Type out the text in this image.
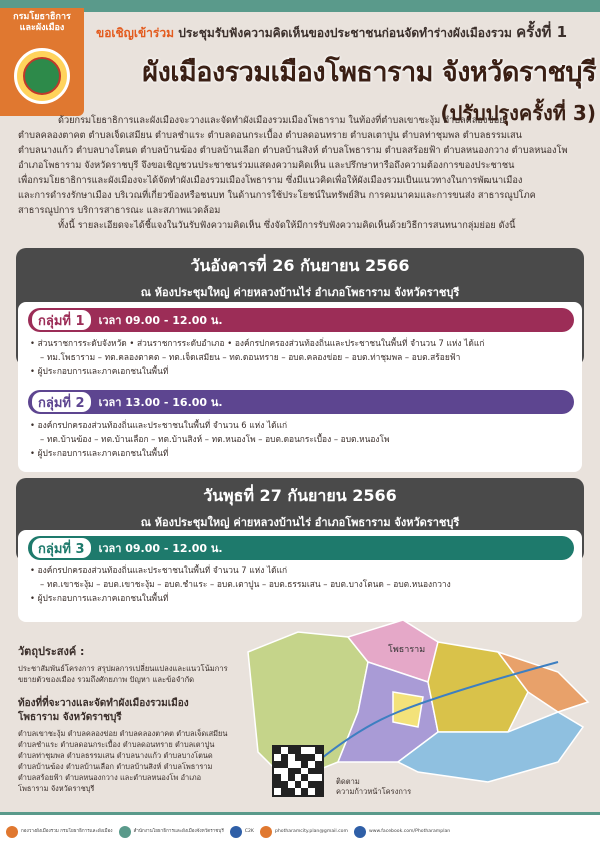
กรมโยธาธิการ
และผังเมือง	ขอเชิญเข้าร่วม ประชุมรับฟังความคิดเห็นของประชาชนก่อนจัดทำร่างผังเมืองรวม ครั้งที่ 1
ผังเมืองรวมเมืองโพธาราม จังหวัดราชบุรี
(ปรับปรุงครั้งที่ 3)

ด้วยกรมโยธาธิการและผังเมืองจะวางและจัดทำผังเมืองรวมเมืองโพธาราม ในท้องที่ตำบลเขาชะงุ้ม ตำบลคลองข่อย

ตำบลคลองตาคต ตำบลเจ็ดเสมียน ตำบลชำแระ ตำบลดอนกระเบื้อง ตำบลดอนทราย ตำบลเตาปูน ตำบลท่าชุมพล ตำบลธรรมเสน

ตำบลนางแก้ว ตำบลบางโตนด ตำบลบ้านฆ้อง ตำบลบ้านเลือก ตำบลบ้านสิงห์ ตำบลโพธาราม ตำบลสร้อยฟ้า ตำบลหนองกวาง ตำบลหนองโพ

อำเภอโพธาราม จังหวัดราชบุรี จึงขอเชิญชวนประชาชนร่วมแสดงความคิดเห็น และปรึกษาหารือถึงความต้องการของประชาชน

เพื่อกรมโยธาธิการและผังเมืองจะได้จัดทำผังเมืองรวมเมืองโพธาราม ซึ่งมีแนวคิดเพื่อให้ผังเมืองรวมเป็นแนวทางในการพัฒนาเมือง

และการดำรงรักษาเมือง บริเวณที่เกี่ยวข้องหรือชนบท ในด้านการใช้ประโยชน์ในทรัพย์สิน การคมนาคมและการขนส่ง สาธารณูปโภค

สาธารณูปการ บริการสาธารณะ และสภาพแวดล้อม

ทั้งนี้ รายละเอียดจะได้ชี้แจงในวันรับฟังความคิดเห็น ซึ่งจัดให้มีการรับฟังความคิดเห็นด้วยวิธีการสนทนากลุ่มย่อย ดังนี้

วันอังคารที่ 26 กันยายน 2566
ณ ห้องประชุมใหญ่ ค่ายหลวงบ้านไร่ อำเภอโพธาราม จังหวัดราชบุรี
กลุ่มที่ 1	เวลา 09.00 - 12.00 น.
• ส่วนราชการระดับจังหวัด • ส่วนราชการระดับอำเภอ • องค์กรปกครองส่วนท้องถิ่นและประชาชนในพื้นที่ จำนวน 7 แห่ง ได้แก่
– ทม.โพธาราม – ทต.คลองตาคต – ทต.เจ็ดเสมียน – ทต.ดอนทราย – อบต.คลองข่อย – อบต.ท่าชุมพล – อบต.สร้อยฟ้า
• ผู้ประกอบการและภาคเอกชนในพื้นที่
กลุ่มที่ 2	เวลา 13.00 - 16.00 น.
• องค์กรปกครองส่วนท้องถิ่นและประชาชนในพื้นที่ จำนวน 6 แห่ง ได้แก่
– ทต.บ้านฆ้อง – ทต.บ้านเลือก – ทต.บ้านสิงห์ – ทต.หนองโพ – อบต.ดอนกระเบื้อง – อบต.หนองโพ
• ผู้ประกอบการและภาคเอกชนในพื้นที่
วันพุธที่ 27 กันยายน 2566
ณ ห้องประชุมใหญ่ ค่ายหลวงบ้านไร่ อำเภอโพธาราม จังหวัดราชบุรี
กลุ่มที่ 3	เวลา 09.00 - 12.00 น.
• องค์กรปกครองส่วนท้องถิ่นและประชาชนในพื้นที่ จำนวน 7 แห่ง ได้แก่
– ทต.เขาชะงุ้ม – อบต.เขาชะงุ้ม – อบต.ชำแระ – อบต.เตาปูน – อบต.ธรรมเสน – อบต.บางโตนด – อบต.หนองกวาง
• ผู้ประกอบการและภาคเอกชนในพื้นที่
โพธาราม
วัตถุประสงค์ :
ประชาสัมพันธ์โครงการ สรุปผลการเปลี่ยนแปลงและแนวโน้มการขยายตัวของเมือง รวมถึงศักยภาพ ปัญหา และข้อจำกัด
ท้องที่ที่จะวางและจัดทำผังเมืองรวมเมืองโพธาราม จังหวัดราชบุรี
ตำบลเขาชะงุ้ม ตำบลคลองข่อย ตำบลคลองตาคต ตำบลเจ็ดเสมียน ตำบลชำแระ ตำบลดอนกระเบื้อง ตำบลดอนทราย ตำบลเตาปูน ตำบลท่าชุมพล ตำบลธรรมเสน ตำบลนางแก้ว ตำบลบางโตนด ตำบลบ้านฆ้อง ตำบลบ้านเลือก ตำบลบ้านสิงห์ ตำบลโพธาราม ตำบลสร้อยฟ้า ตำบลหนองกวาง และตำบลหนองโพ อำเภอโพธาราม จังหวัดราชบุรี
ติดตาม
ความก้าวหน้าโครงการ
กองวางผังเมืองรวม กรมโยธาธิการและผังเมือง	สำนักงานโยธาธิการและผังเมืองจังหวัดราชบุรี	C2K	photharamcity.plan@gmail.com	www.facebook.com/Photharamplan
